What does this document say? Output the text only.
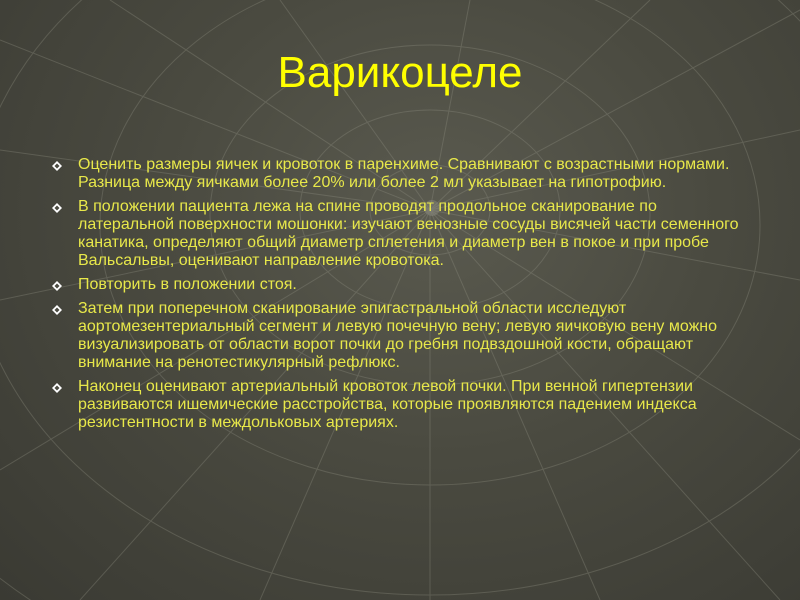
Варикоцеле
Оценить размеры яичек и кровоток в паренхиме. Сравнивают с возрастными нормами. Разница между яичками более 20% или более 2 мл указывает на гипотрофию.
В положении пациента лежа на спине проводят продольное сканирование по латеральной поверхности мошонки: изучают венозные сосуды висячей части семенного канатика, определяют общий диаметр сплетения и диаметр вен в покое и при пробе Вальсальвы, оценивают направление кровотока.
Повторить в положении стоя.
Затем при поперечном сканирование эпигастральной области исследуют аортомезентериальный сегмент и левую почечную вену; левую яичковую вену можно визуализировать от области ворот почки до гребня подвздошной кости, обращают внимание на ренотестикулярный рефлюкс.
Наконец оценивают артериальный кровоток левой почки. При венной гипертензии развиваются ишемические расстройства, которые проявляются падением индекса резистентности в междольковых артериях.
